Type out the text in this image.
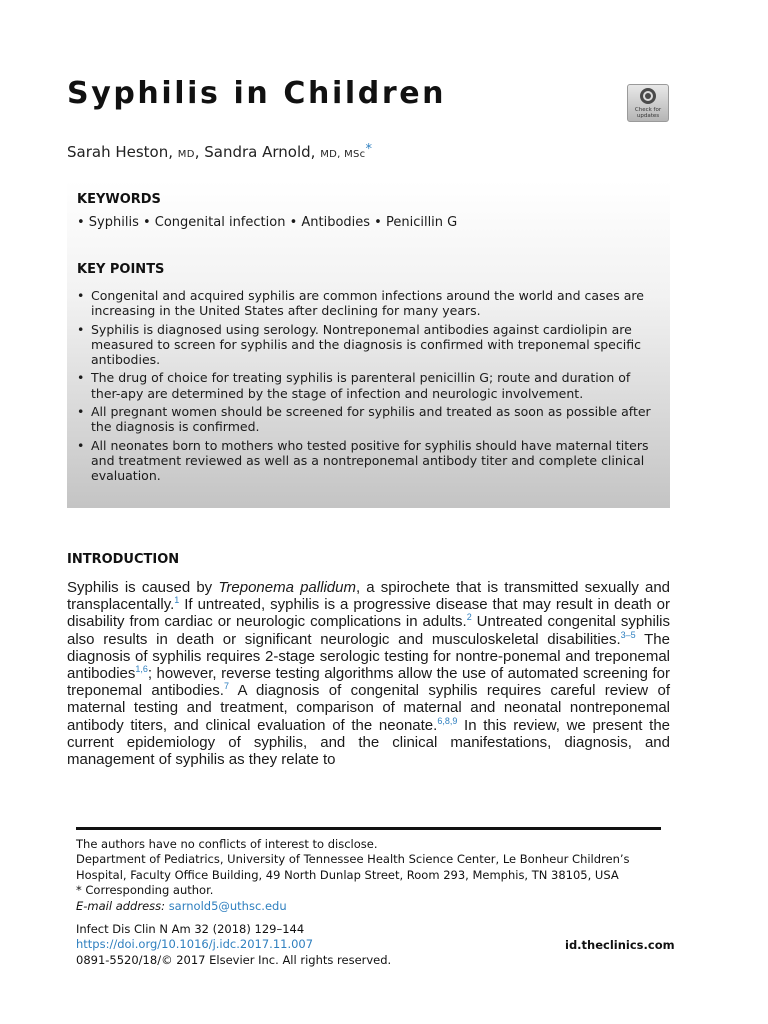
Syphilis in Children	Check for
updates
Sarah Heston, MD, Sandra Arnold, MD, MSc*
KEYWORDS
• Syphilis • Congenital infection • Antibodies • Penicillin G
KEY POINTS
• Congenital and acquired syphilis are common infections around the world and cases are increasing in the United States after declining for many years.
• Syphilis is diagnosed using serology. Nontreponemal antibodies against cardiolipin are measured to screen for syphilis and the diagnosis is confirmed with treponemal specific antibodies.
• The drug of choice for treating syphilis is parenteral penicillin G; route and duration of ther-apy are determined by the stage of infection and neurologic involvement.
• All pregnant women should be screened for syphilis and treated as soon as possible after the diagnosis is confirmed.
• All neonates born to mothers who tested positive for syphilis should have maternal titers and treatment reviewed as well as a nontreponemal antibody titer and complete clinical evaluation.
INTRODUCTION

Syphilis is caused by Treponema pallidum, a spirochete that is transmitted sexually and transplacentally.$^1$ If untreated, syphilis is a progressive disease that may result in death or disability from cardiac or neurologic complications in adults.$^2$ Untreated congenital syphilis also results in death or significant neurologic and musculoskeletal disabilities.$^{3-5}$ The diagnosis of syphilis requires 2-stage serologic testing for nontre-ponemal and treponemal antibodies$^{1,6}$; however, reverse testing algorithms allow the use of automated screening for treponemal antibodies.$^7$ A diagnosis of congenital syphilis requires careful review of maternal testing and treatment, comparison of maternal and neonatal nontreponemal antibody titers, and clinical evaluation of the neonate.$^{6,8,9}$ In this review, we present the current epidemiology of syphilis, and the clinical manifestations, diagnosis, and management of syphilis as they relate to

The authors have no conflicts of interest to disclose.
Department of Pediatrics, University of Tennessee Health Science Center, Le Bonheur Children’s Hospital, Faculty Office Building, 49 North Dunlap Street, Room 293, Memphis, TN 38105, USA
* Corresponding author.
E-mail address: sarnold5@uthsc.edu
Infect Dis Clin N Am 32 (2018) 129–144
https://doi.org/10.1016/j.idc.2017.11.007
0891-5520/18/© 2017 Elsevier Inc. All rights reserved.
id.theclinics.com
